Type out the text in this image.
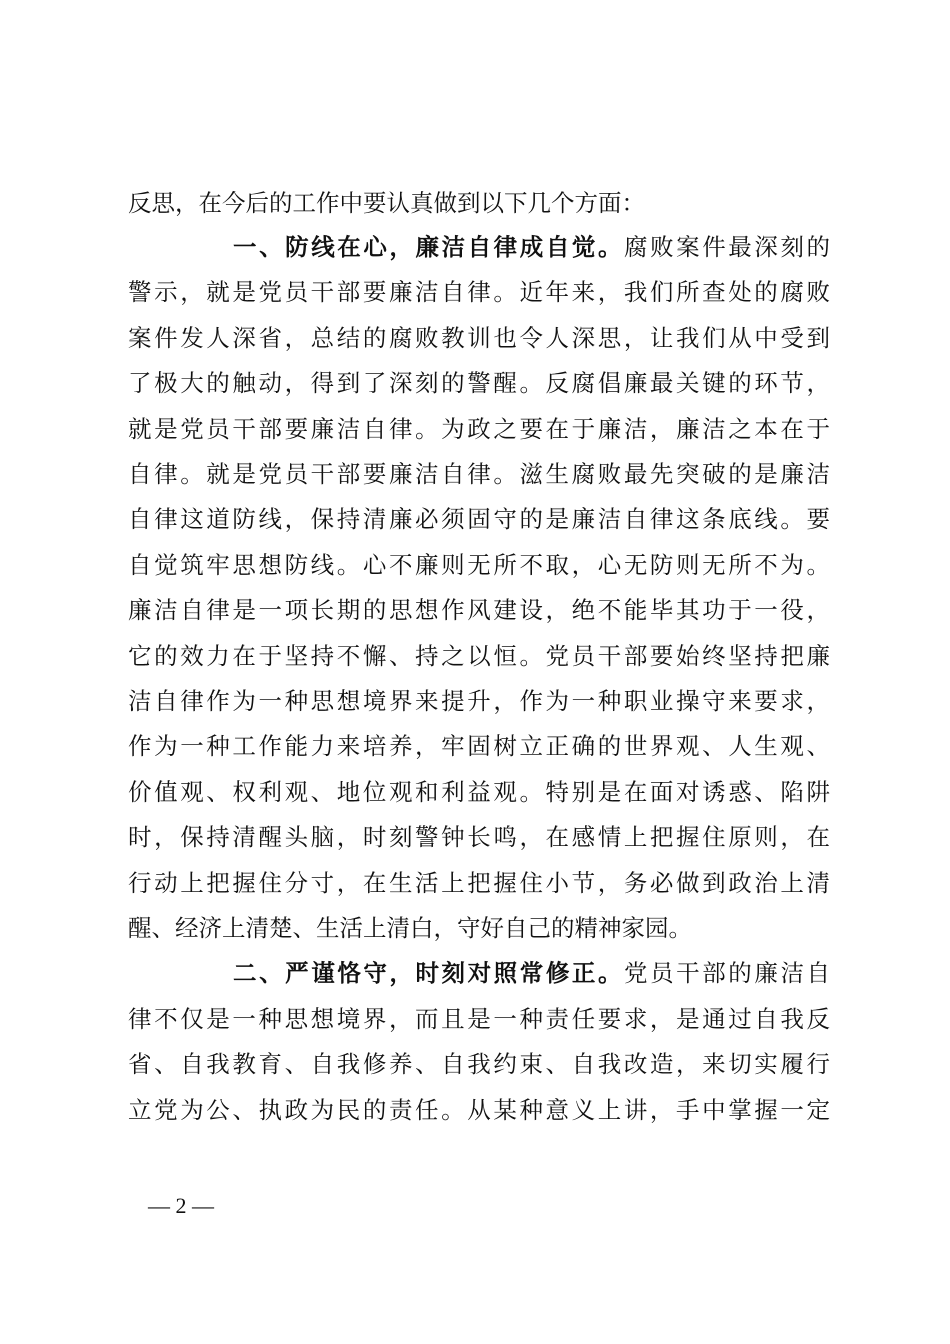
反思，在今后的工作中要认真做到以下几个方面：
一、防线在心，廉洁自律成自觉。腐败案件最深刻的
警示，就是党员干部要廉洁自律。近年来，我们所查处的腐败
案件发人深省，总结的腐败教训也令人深思，让我们从中受到
了极大的触动，得到了深刻的警醒。反腐倡廉最关键的环节，
就是党员干部要廉洁自律。为政之要在于廉洁，廉洁之本在于
自律。就是党员干部要廉洁自律。滋生腐败最先突破的是廉洁
自律这道防线，保持清廉必须固守的是廉洁自律这条底线。要
自觉筑牢思想防线。心不廉则无所不取，心无防则无所不为。
廉洁自律是一项长期的思想作风建设，绝不能毕其功于一役，
它的效力在于坚持不懈、持之以恒。党员干部要始终坚持把廉
洁自律作为一种思想境界来提升，作为一种职业操守来要求，
作为一种工作能力来培养，牢固树立正确的世界观、人生观、
价值观、权利观、地位观和利益观。特别是在面对诱惑、陷阱
时，保持清醒头脑，时刻警钟长鸣，在感情上把握住原则，在
行动上把握住分寸，在生活上把握住小节，务必做到政治上清
醒、经济上清楚、生活上清白，守好自己的精神家园。
二、严谨恪守，时刻对照常修正。党员干部的廉洁自
律不仅是一种思想境界，而且是一种责任要求，是通过自我反
省、自我教育、自我修养、自我约束、自我改造，来切实履行
立党为公、执政为民的责任。从某种意义上讲，手中掌握一定
— 2 —
